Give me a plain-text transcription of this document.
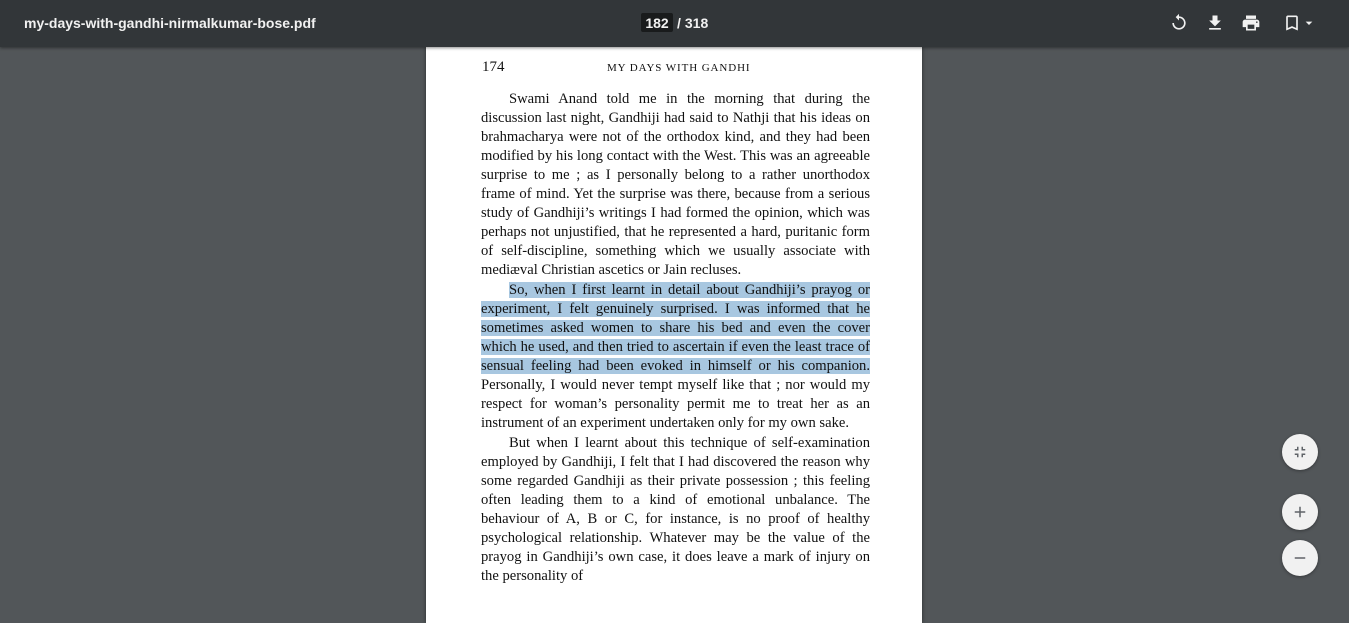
my-days-with-gandhi-nirmalkumar-bose.pdf
182	/ 318
174	MY DAYS WITH GANDHI

Swami Anand told me in the morning that during the discussion last night, Gandhiji had said to Nathji that his ideas on brahmacharya were not of the orthodox kind, and they had been modified by his long contact with the West. This was an agreeable surprise to me ; as I personally belong to a rather unorthodox frame of mind. Yet the surprise was there, because from a serious study of Gandhiji’s writings I had formed the opinion, which was perhaps not unjustified, that he represented a hard, puritanic form of self-discipline, something which we usually associate with mediæval Christian ascetics or Jain recluses.

So, when I first learnt in detail about Gandhiji’s prayog or experiment, I felt genuinely surprised. I was informed that he sometimes asked women to share his bed and even the cover which he used, and then tried to ascertain if even the least trace of sensual feeling had been evoked in himself or his companion. Personally, I would never tempt myself like that ; nor would my respect for woman’s personality permit me to treat her as an instrument of an experiment undertaken only for my own sake.

But when I learnt about this technique of self-examination employed by Gandhiji, I felt that I had discovered the reason why some regarded Gandhiji as their private possession ; this feeling often leading them to a kind of emotional unbalance. The behaviour of A, B or C, for instance, is no proof of healthy psychological relationship. Whatever may be the value of the prayog in Gandhiji’s own case, it does leave a mark of injury on the personality of
